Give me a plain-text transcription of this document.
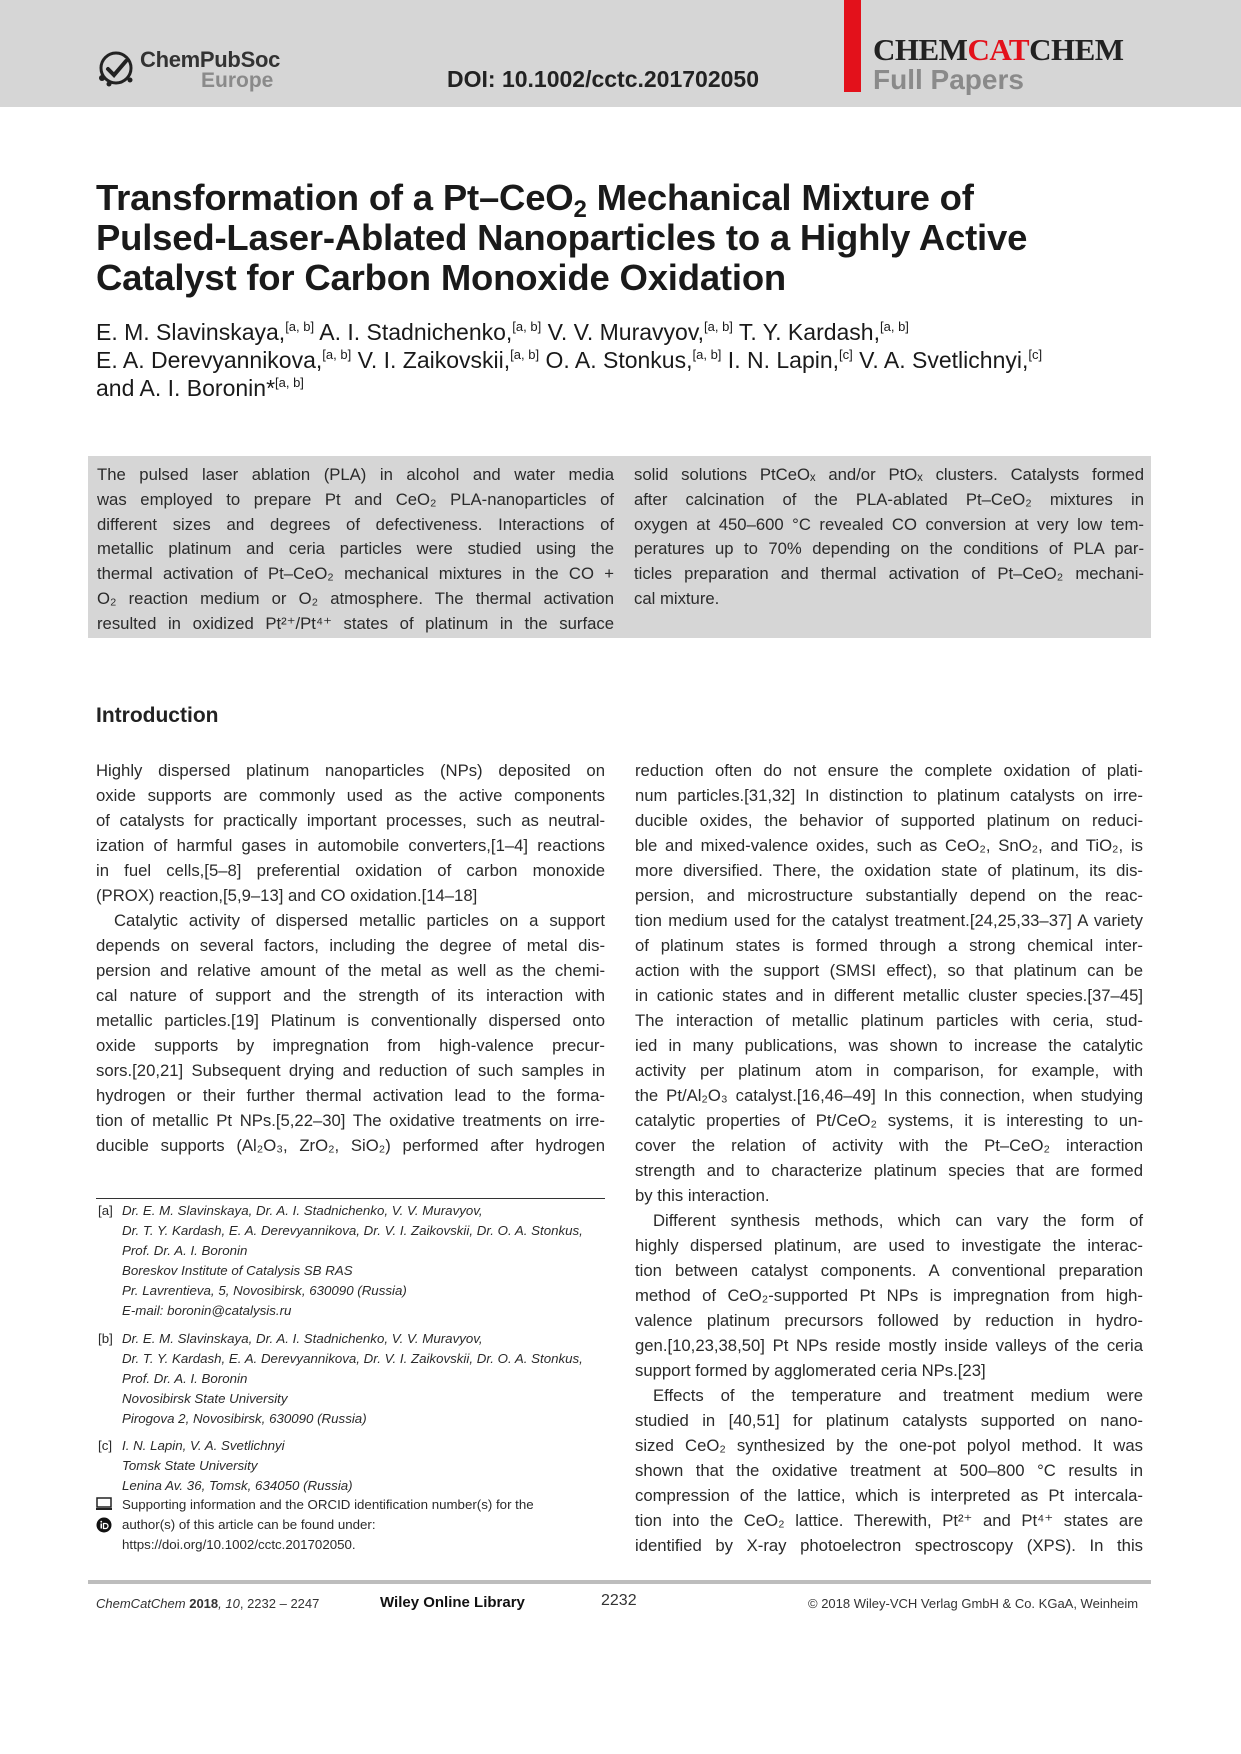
ChemPubSoc
Europe	DOI: 10.1002/cctc.201702050
CHEMCATCHEM
Full Papers
Transformation of a Pt–CeO$_2$ Mechanical Mixture of
Pulsed-Laser-Ablated Nanoparticles to a Highly Active
Catalyst for Carbon Monoxide Oxidation
E. M. Slavinskaya,[a, b] A. I. Stadnichenko,[a, b] V. V. Muravyov,[a, b] T. Y. Kardash,[a, b]
E. A. Derevyannikova,[a, b] V. I. Zaikovskii,[a, b] O. A. Stonkus,[a, b] I. N. Lapin,[c] V. A. Svetlichnyi,[c]
and A. I. Boronin*[a, b]
The pulsed laser ablation (PLA) in alcohol and water media
was employed to prepare Pt and CeO₂ PLA-nanoparticles of
different sizes and degrees of defectiveness. Interactions of
metallic platinum and ceria particles were studied using the
thermal activation of Pt–CeO₂ mechanical mixtures in the CO +
O₂ reaction medium or O₂ atmosphere. The thermal activation
resulted in oxidized Pt²⁺/Pt⁴⁺ states of platinum in the surface
solid solutions PtCeOₓ and/or PtOₓ clusters. Catalysts formed
after calcination of the PLA-ablated Pt–CeO₂ mixtures in
oxygen at 450–600 °C revealed CO conversion at very low tem-
peratures up to 70% depending on the conditions of PLA par-
ticles preparation and thermal activation of Pt–CeO₂ mechani-
cal mixture.
Introduction
Highly dispersed platinum nanoparticles (NPs) deposited on
oxide supports are commonly used as the active components
of catalysts for practically important processes, such as neutral-
ization of harmful gases in automobile converters,[1–4] reactions
in fuel cells,[5–8] preferential oxidation of carbon monoxide
(PROX) reaction,[5,9–13] and CO oxidation.[14–18]
Catalytic activity of dispersed metallic particles on a support
depends on several factors, including the degree of metal dis-
persion and relative amount of the metal as well as the chemi-
cal nature of support and the strength of its interaction with
metallic particles.[19] Platinum is conventionally dispersed onto
oxide supports by impregnation from high-valence precur-
sors.[20,21] Subsequent drying and reduction of such samples in
hydrogen or their further thermal activation lead to the forma-
tion of metallic Pt NPs.[5,22–30] The oxidative treatments on irre-
ducible supports (Al₂O₃, ZrO₂, SiO₂) performed after hydrogen
reduction often do not ensure the complete oxidation of plati-
num particles.[31,32] In distinction to platinum catalysts on irre-
ducible oxides, the behavior of supported platinum on reduci-
ble and mixed-valence oxides, such as CeO₂, SnO₂, and TiO₂, is
more diversified. There, the oxidation state of platinum, its dis-
persion, and microstructure substantially depend on the reac-
tion medium used for the catalyst treatment.[24,25,33–37] A variety
of platinum states is formed through a strong chemical inter-
action with the support (SMSI effect), so that platinum can be
in cationic states and in different metallic cluster species.[37–45]
The interaction of metallic platinum particles with ceria, stud-
ied in many publications, was shown to increase the catalytic
activity per platinum atom in comparison, for example, with
the Pt/Al₂O₃ catalyst.[16,46–49] In this connection, when studying
catalytic properties of Pt/CeO₂ systems, it is interesting to un-
cover the relation of activity with the Pt–CeO₂ interaction
strength and to characterize platinum species that are formed
by this interaction.
Different synthesis methods, which can vary the form of
highly dispersed platinum, are used to investigate the interac-
tion between catalyst components. A conventional preparation
method of CeO₂-supported Pt NPs is impregnation from high-
valence platinum precursors followed by reduction in hydro-
gen.[10,23,38,50] Pt NPs reside mostly inside valleys of the ceria
support formed by agglomerated ceria NPs.[23]
Effects of the temperature and treatment medium were
studied in [40,51] for platinum catalysts supported on nano-
sized CeO₂ synthesized by the one-pot polyol method. It was
shown that the oxidative treatment at 500–800 °C results in
compression of the lattice, which is interpreted as Pt intercala-
tion into the CeO₂ lattice. Therewith, Pt²⁺ and Pt⁴⁺ states are
identified by X-ray photoelectron spectroscopy (XPS). In this
[a] Dr. E. M. Slavinskaya, Dr. A. I. Stadnichenko, V. V. Muravyov,
Dr. T. Y. Kardash, E. A. Derevyannikova, Dr. V. I. Zaikovskii, Dr. O. A. Stonkus,
Prof. Dr. A. I. Boronin
Boreskov Institute of Catalysis SB RAS
Pr. Lavrentieva, 5, Novosibirsk, 630090 (Russia)
E-mail: boronin@catalysis.ru
[b] Dr. E. M. Slavinskaya, Dr. A. I. Stadnichenko, V. V. Muravyov,
Dr. T. Y. Kardash, E. A. Derevyannikova, Dr. V. I. Zaikovskii, Dr. O. A. Stonkus,
Prof. Dr. A. I. Boronin
Novosibirsk State University
Pirogova 2, Novosibirsk, 630090 (Russia)
[c] I. N. Lapin, V. A. Svetlichnyi
Tomsk State University
Lenina Av. 36, Tomsk, 634050 (Russia)
Supporting information and the ORCID identification number(s) for the
author(s) of this article can be found under:
https://doi.org/10.1002/cctc.201702050.
ChemCatChem 2018, 10, 2232 – 2247	Wiley Online Library	2232	© 2018 Wiley-VCH Verlag GmbH & Co. KGaA, Weinheim
